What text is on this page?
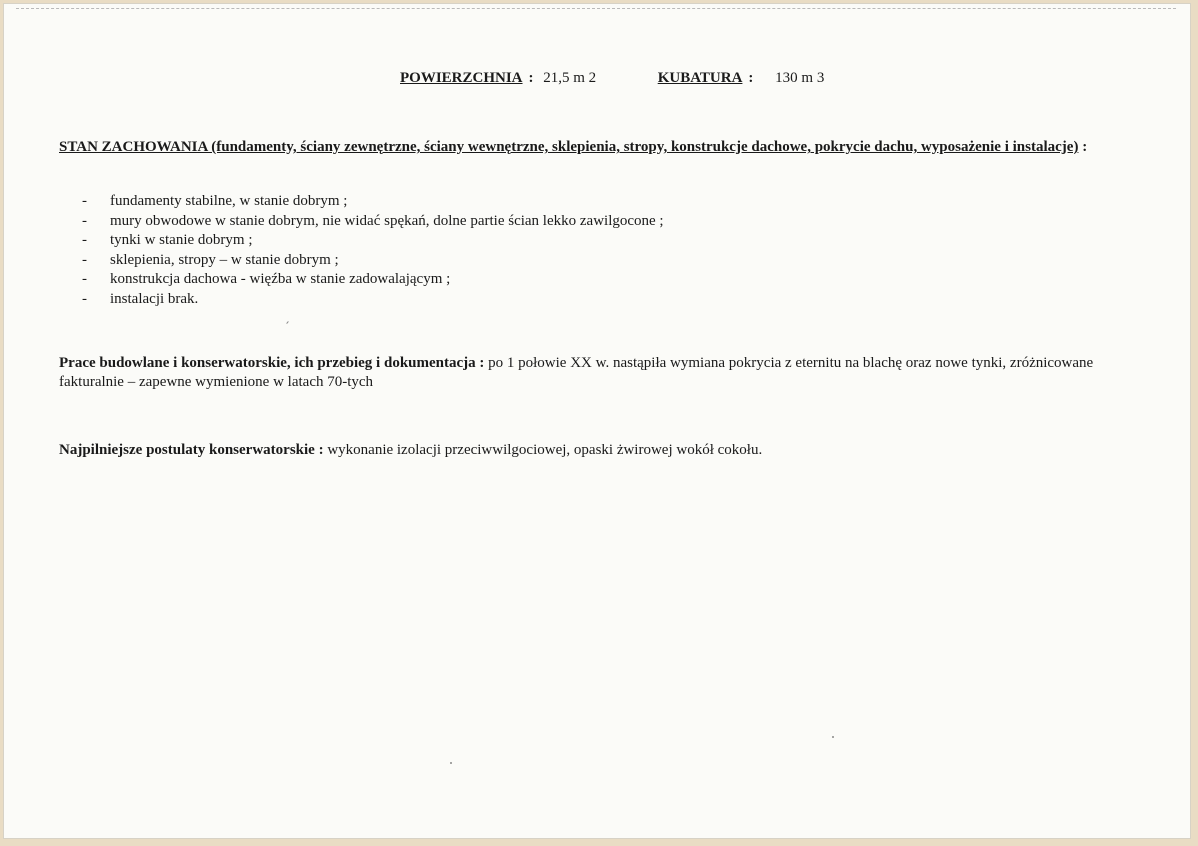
POWIERZCHNIA : 21,5 m 2	KUBATURA : 130 m 3
STAN ZACHOWANIA (fundamenty, ściany zewnętrzne, ściany wewnętrzne, sklepienia, stropy, konstrukcje dachowe, pokrycie dachu, wyposażenie i instalacje) :
- fundamenty stabilne, w stanie dobrym ;
- mury obwodowe w stanie dobrym, nie widać spękań, dolne partie ścian lekko zawilgocone ;
- tynki w stanie dobrym ;
- sklepienia, stropy – w stanie dobrym ;
- konstrukcja dachowa - więźba w stanie zadowalającym ;
- instalacji brak.
Prace budowlane i konserwatorskie, ich przebieg i dokumentacja : po 1 połowie XX w. nastąpiła wymiana pokrycia z eternitu na blachę oraz nowe tynki, zróżnicowane fakturalnie – zapewne wymienione w latach 70-tych
Najpilniejsze postulaty konserwatorskie : wykonanie izolacji przeciwwilgociowej, opaski żwirowej wokół cokołu.
